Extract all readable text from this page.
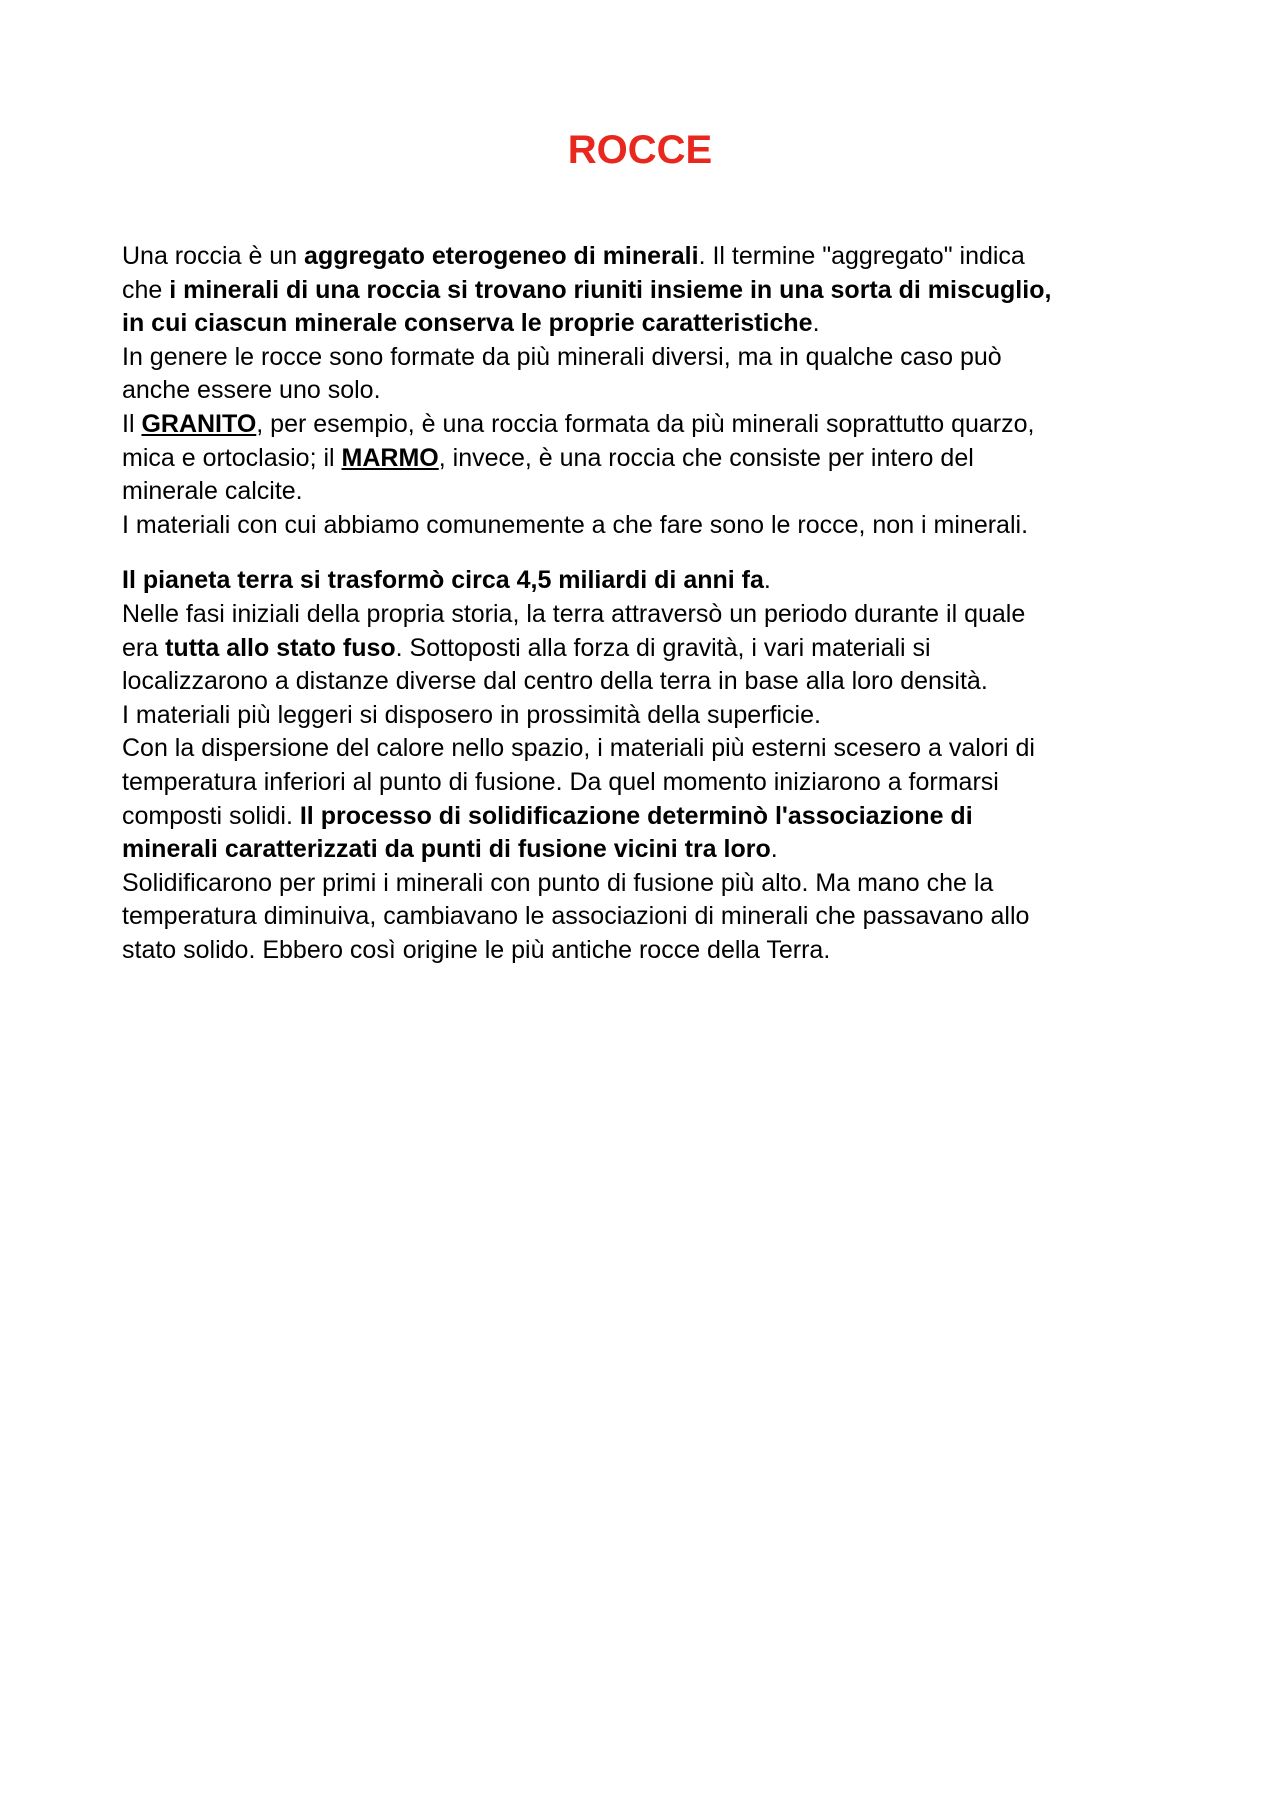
ROCCE
Una roccia è un aggregato eterogeneo di minerali. Il termine "aggregato" indica
che i minerali di una roccia si trovano riuniti insieme in una sorta di miscuglio,
in cui ciascun minerale conserva le proprie caratteristiche.
In genere le rocce sono formate da più minerali diversi, ma in qualche caso può
anche essere uno solo.
Il GRANITO, per esempio, è una roccia formata da più minerali soprattutto quarzo,
mica e ortoclasio; il MARMO, invece, è una roccia che consiste per intero del
minerale calcite.
I materiali con cui abbiamo comunemente a che fare sono le rocce, non i minerali.
Il pianeta terra si trasformò circa 4,5 miliardi di anni fa.
Nelle fasi iniziali della propria storia, la terra attraversò un periodo durante il quale
era tutta allo stato fuso. Sottoposti alla forza di gravità, i vari materiali si
localizzarono a distanze diverse dal centro della terra in base alla loro densità.
I materiali più leggeri si disposero in prossimità della superficie.
Con la dispersione del calore nello spazio, i materiali più esterni scesero a valori di
temperatura inferiori al punto di fusione. Da quel momento iniziarono a formarsi
composti solidi. Il processo di solidificazione determinò l'associazione di
minerali caratterizzati da punti di fusione vicini tra loro.
Solidificarono per primi i minerali con punto di fusione più alto. Ma mano che la
temperatura diminuiva, cambiavano le associazioni di minerali che passavano allo
stato solido. Ebbero così origine le più antiche rocce della Terra.
